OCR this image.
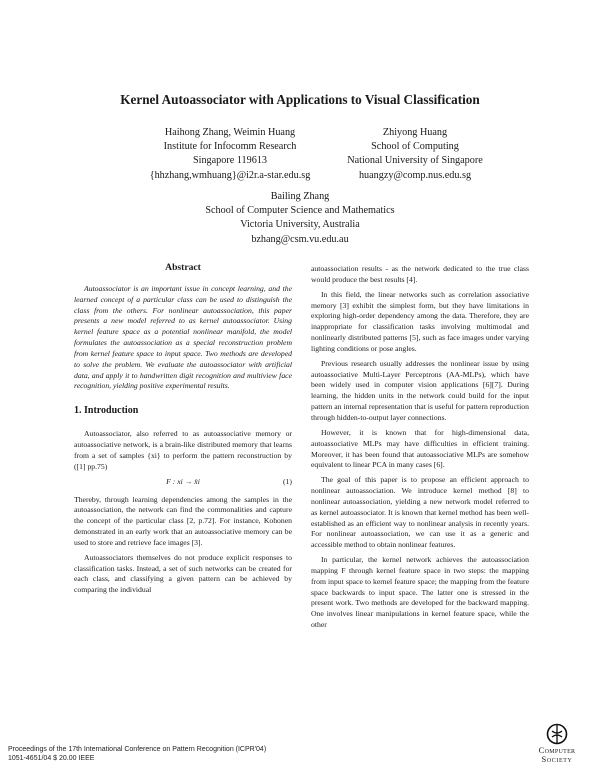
Kernel Autoassociator with Applications to Visual Classification
Haihong Zhang, Weimin Huang
Institute for Infocomm Research
Singapore 119613
{hhzhang,wmhuang}@i2r.a-star.edu.sg
Zhiyong Huang
School of Computing
National University of Singapore
huangzy@comp.nus.edu.sg
Bailing Zhang
School of Computer Science and Mathematics
Victoria University, Australia
bzhang@csm.vu.edu.au
Abstract

Autoassociator is an important issue in concept learning, and the learned concept of a particular class can be used to distinguish the class from the others. For nonlinear autoassociation, this paper presents a new model referred to as kernel autoassociator. Using kernel feature space as a potential nonlinear manifold, the model formulates the autoassociation as a special reconstruction problem from kernel feature space to input space. Two methods are developed to solve the problem. We evaluate the autoassociator with artificial data, and apply it to handwritten digit recognition and multiview face recognition, yielding positive experimental results.

1. Introduction

Autoassociator, also referred to as autoassociative memory or autoassociative network, is a brain-like distributed memory that learns from a set of samples {xi} to perform the pattern reconstruction by ([1] pp.75)

F : xi → x̂i	(1)

Thereby, through learning dependencies among the samples in the autoassociation, the network can find the commonalities and capture the concept of the particular class [2, p.72]. For instance, Kohonen demonstrated in an early work that an autoassociative memory can be used to store and retrieve face images [3].

Autoassociators themselves do not produce explicit responses to classification tasks. Instead, a set of such networks can be created for each class, and classifying a given pattern can be achieved by comparing the individual

autoassociation results - as the network dedicated to the true class would produce the best results [4].

In this field, the linear networks such as correlation associative memory [3] exhibit the simplest form, but they have limitations in exploring high-order dependency among the data. Therefore, they are inappropriate for classification tasks involving multimodal and nonlinearly distributed patterns [5], such as face images under varying lighting conditions or pose angles.

Previous research usually addresses the nonlinear issue by using autoassociative Multi-Layer Perceptrons (AA-MLPs), which have been widely used in computer vision applications [6][7]. During learning, the hidden units in the network could build for the input pattern an internal representation that is useful for pattern reproduction through hidden-to-output layer connections.

However, it is known that for high-dimensional data, autoassociative MLPs may have difficulties in efficient training. Moreover, it has been found that autoassociative MLPs are somehow equivalent to linear PCA in many cases [6].

The goal of this paper is to propose an efficient approach to nonlinear autoassociation. We introduce kernel method [8] to nonlinear autoassociation, yielding a new network model referred to as kernel autoassociator. It is known that kernel method has been well-established as an efficient way to nonlinear analysis in recently years. For nonlinear autoassociation, we can use it as a generic and accessible method to obtain nonlinear features.

In particular, the kernel network achieves the autoassociation mapping F through kernel feature space in two steps: the mapping from input space to kernel feature space; the mapping from the feature space backwards to input space. The latter one is stressed in the present work. Two methods are developed for the backward mapping. One involves linear manipulations in kernel feature space, while the other

Proceedings of the 17th International Conference on Pattern Recognition (ICPR'04)
1051-4651/04 $ 20.00 IEEE
Computer
Society
